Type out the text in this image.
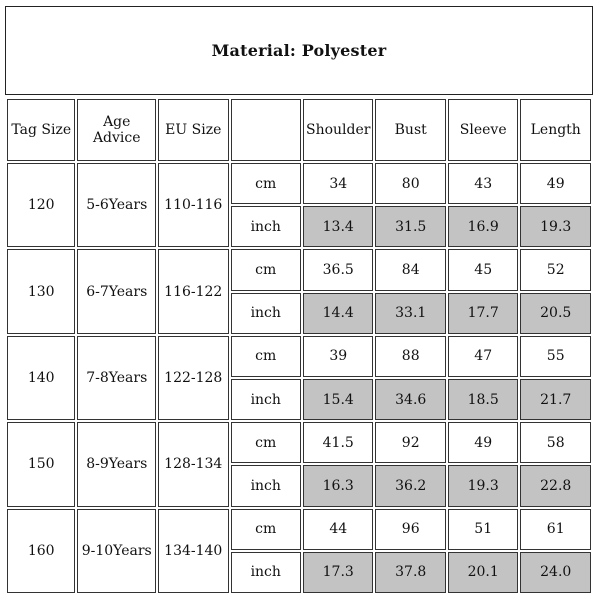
Material: Polyester
Tag Size	Age Advice	EU Size		Shoulder	Bust	Sleeve	Length
120	5-6Years	110-116	cm	34	80	43	49
			inch	13.4	31.5	16.9	19.3
130	6-7Years	116-122	cm	36.5	84	45	52
			inch	14.4	33.1	17.7	20.5
140	7-8Years	122-128	cm	39	88	47	55
			inch	15.4	34.6	18.5	21.7
150	8-9Years	128-134	cm	41.5	92	49	58
			inch	16.3	36.2	19.3	22.8
160	9-10Years	134-140	cm	44	96	51	61
			inch	17.3	37.8	20.1	24.0
